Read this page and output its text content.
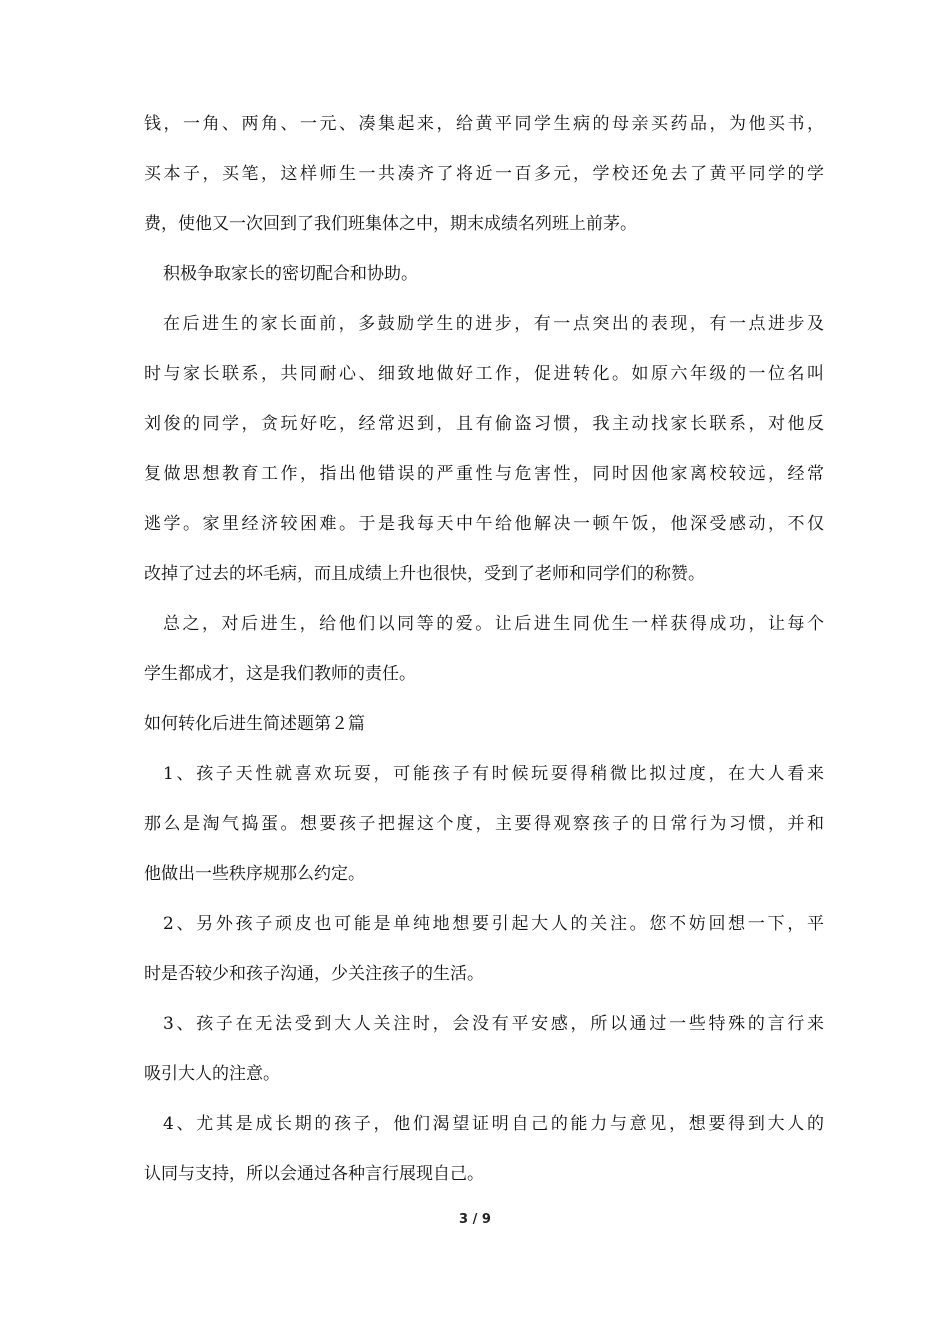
钱，一角、两角、一元、凑集起来，给黄平同学生病的母亲买药品，为他买书，
买本子，买笔，这样师生一共凑齐了将近一百多元，学校还免去了黄平同学的学
费，使他又一次回到了我们班集体之中，期末成绩名列班上前茅。
积极争取家长的密切配合和协助。
在后进生的家长面前，多鼓励学生的进步，有一点突出的表现，有一点进步及
时与家长联系，共同耐心、细致地做好工作，促进转化。如原六年级的一位名叫
刘俊的同学，贪玩好吃，经常迟到，且有偷盗习惯，我主动找家长联系，对他反
复做思想教育工作，指出他错误的严重性与危害性，同时因他家离校较远，经常
逃学。家里经济较困难。于是我每天中午给他解决一顿午饭，他深受感动，不仅
改掉了过去的坏毛病，而且成绩上升也很快，受到了老师和同学们的称赞。
总之，对后进生，给他们以同等的爱。让后进生同优生一样获得成功，让每个
学生都成才，这是我们教师的责任。
如何转化后进生简述题第２篇
1、孩子天性就喜欢玩耍，可能孩子有时候玩耍得稍微比拟过度，在大人看来
那么是淘气捣蛋。想要孩子把握这个度，主要得观察孩子的日常行为习惯，并和
他做出一些秩序规那么约定。
2、另外孩子顽皮也可能是单纯地想要引起大人的关注。您不妨回想一下，平
时是否较少和孩子沟通，少关注孩子的生活。
3、孩子在无法受到大人关注时，会没有平安感，所以通过一些特殊的言行来
吸引大人的注意。
4、尤其是成长期的孩子，他们渴望证明自己的能力与意见，想要得到大人的
认同与支持，所以会通过各种言行展现自己。
3 / 9
